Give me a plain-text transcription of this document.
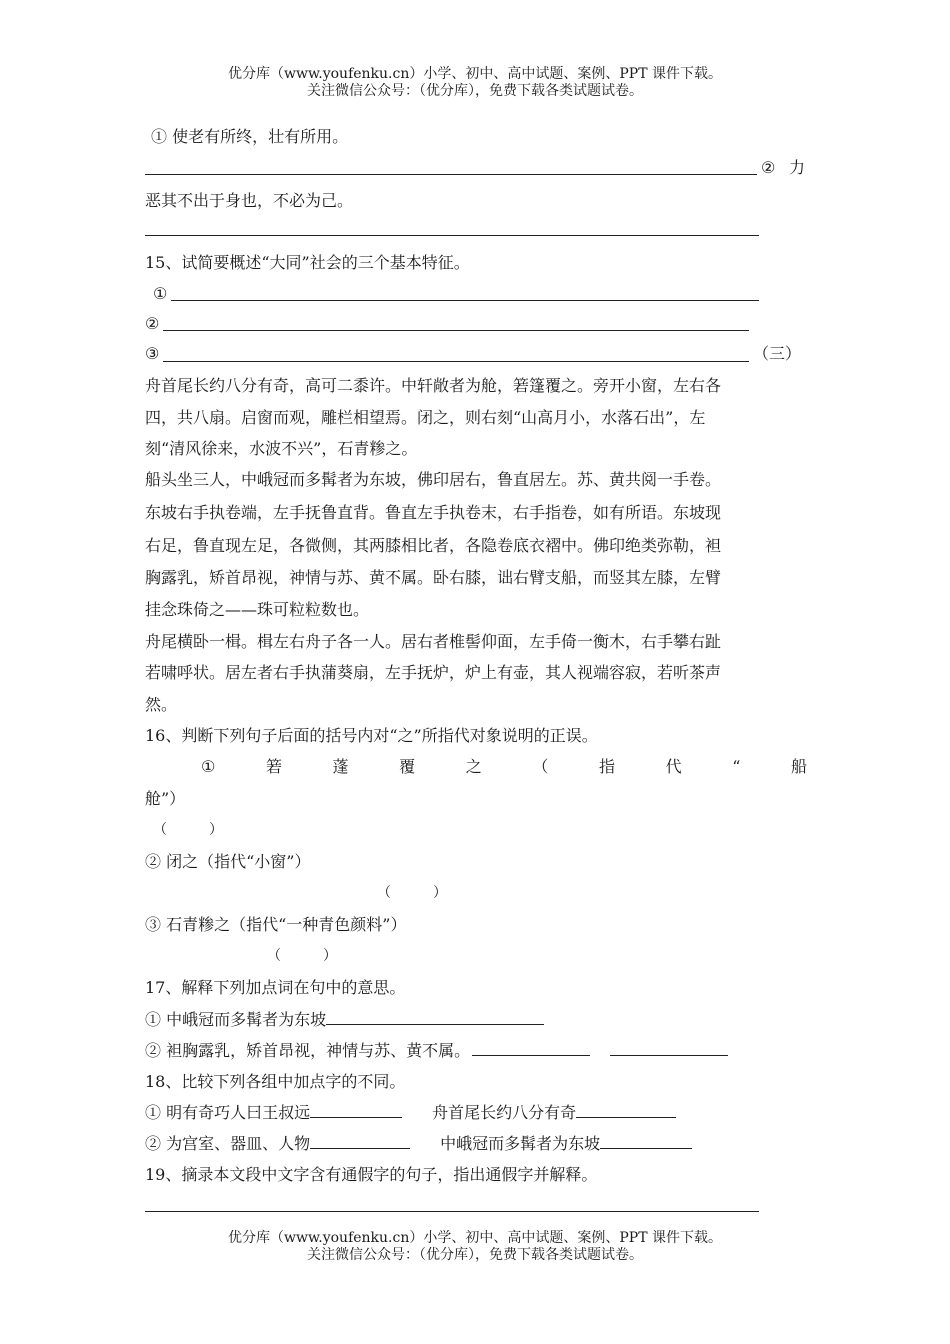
优分库（www.youfenku.cn）小学、初中、高中试题、案例、PPT 课件下载。
关注微信公众号：（优分库），免费下载各类试题试卷。
① 使老有所终，壮有所用。
② 力
恶其不出于身也，不必为己。
15、试简要概述“大同”社会的三个基本特征。
①
②
③	（三）
舟首尾长约八分有奇，高可二黍许。中轩敞者为舱，箬篷覆之。旁开小窗，左右各
四，共八扇。启窗而观，雕栏相望焉。闭之，则右刻“山高月小，水落石出”，左
刻“清风徐来，水波不兴”，石青糁之。
船头坐三人，中峨冠而多髯者为东坡，佛印居右，鲁直居左。苏、黄共阅一手卷。
东坡右手执卷端，左手抚鲁直背。鲁直左手执卷末，右手指卷，如有所语。东坡现
右足，鲁直现左足，各微侧，其两膝相比者，各隐卷底衣褶中。佛印绝类弥勒，袒
胸露乳，矫首昂视，神情与苏、黄不属。卧右膝，诎右臂支船，而竖其左膝，左臂
挂念珠倚之——珠可粒粒数也。
舟尾横卧一楫。楫左右舟子各一人。居右者椎髻仰面，左手倚一衡木，右手攀右趾
若啸呼状。居左者右手执蒲葵扇，左手抚炉，炉上有壶，其人视端容寂，若听茶声
然。
16、判断下列句子后面的括号内对“之”所指代对象说明的正误。
①	箬	蓬	覆	之	（	指	代	“	船
舱”）
（　　　）
② 闭之（指代“小窗”）
（　　　）
③ 石青糁之（指代“一种青色颜料”）
（　　　）
17、解释下列加点词在句中的意思。
① 中峨冠而多髯者为东坡
② 袒胸露乳，矫首昂视，神情与苏、黄不属。
18、比较下列各组中加点字的不同。
① 明有奇巧人曰王叔远	舟首尾长约八分有奇
② 为宫室、器皿、人物	中峨冠而多髯者为东坡
19、摘录本文段中文字含有通假字的句子，指出通假字并解释。
优分库（www.youfenku.cn）小学、初中、高中试题、案例、PPT 课件下载。
关注微信公众号：（优分库），免费下载各类试题试卷。
